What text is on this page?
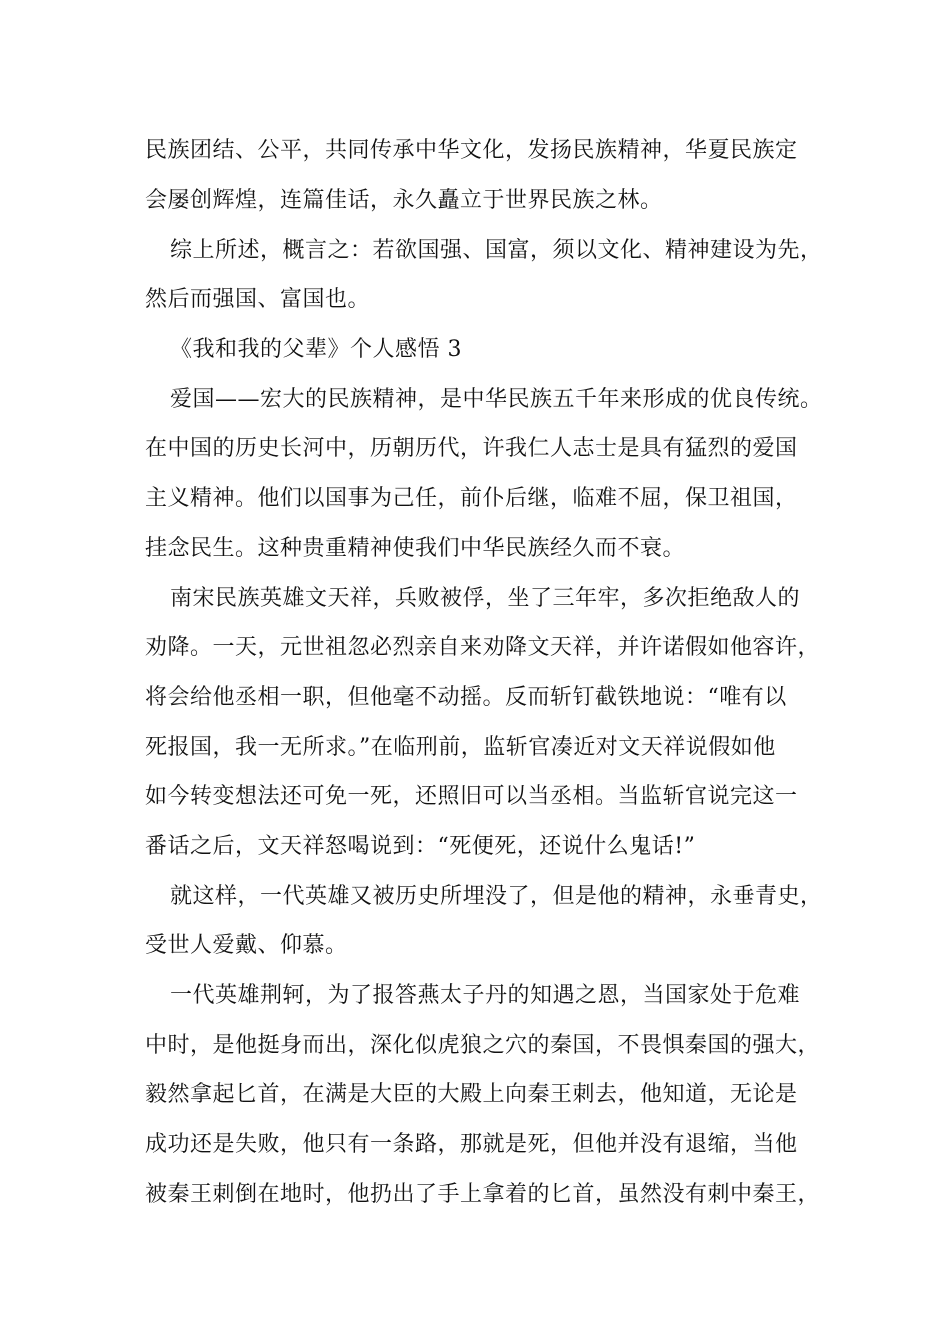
民族团结、公平，共同传承中华文化，发扬民族精神，华夏民族定
会屡创辉煌，连篇佳话，永久矗立于世界民族之林。
综上所述，概言之：若欲国强、国富，须以文化、精神建设为先，
然后而强国、富国也。
《我和我的父辈》个人感悟 3
爱国——宏大的民族精神，是中华民族五千年来形成的优良传统。
在中国的历史长河中，历朝历代，许我仁人志士是具有猛烈的爱国
主义精神。他们以国事为己任，前仆后继，临难不屈，保卫祖国，
挂念民生。这种贵重精神使我们中华民族经久而不衰。
南宋民族英雄文天祥，兵败被俘，坐了三年牢，多次拒绝敌人的
劝降。一天，元世祖忽必烈亲自来劝降文天祥，并许诺假如他容许，
将会给他丞相一职，但他毫不动摇。反而斩钉截铁地说：“唯有以
死报国，我一无所求。”在临刑前，监斩官凑近对文天祥说假如他
如今转变想法还可免一死，还照旧可以当丞相。当监斩官说完这一
番话之后，文天祥怒喝说到：“死便死，还说什么鬼话!”
就这样，一代英雄又被历史所埋没了，但是他的精神，永垂青史，
受世人爱戴、仰慕。
一代英雄荆轲，为了报答燕太子丹的知遇之恩，当国家处于危难
中时，是他挺身而出，深化似虎狼之穴的秦国，不畏惧秦国的强大，
毅然拿起匕首，在满是大臣的大殿上向秦王刺去，他知道，无论是
成功还是失败，他只有一条路，那就是死，但他并没有退缩，当他
被秦王刺倒在地时，他扔出了手上拿着的匕首，虽然没有刺中秦王，
